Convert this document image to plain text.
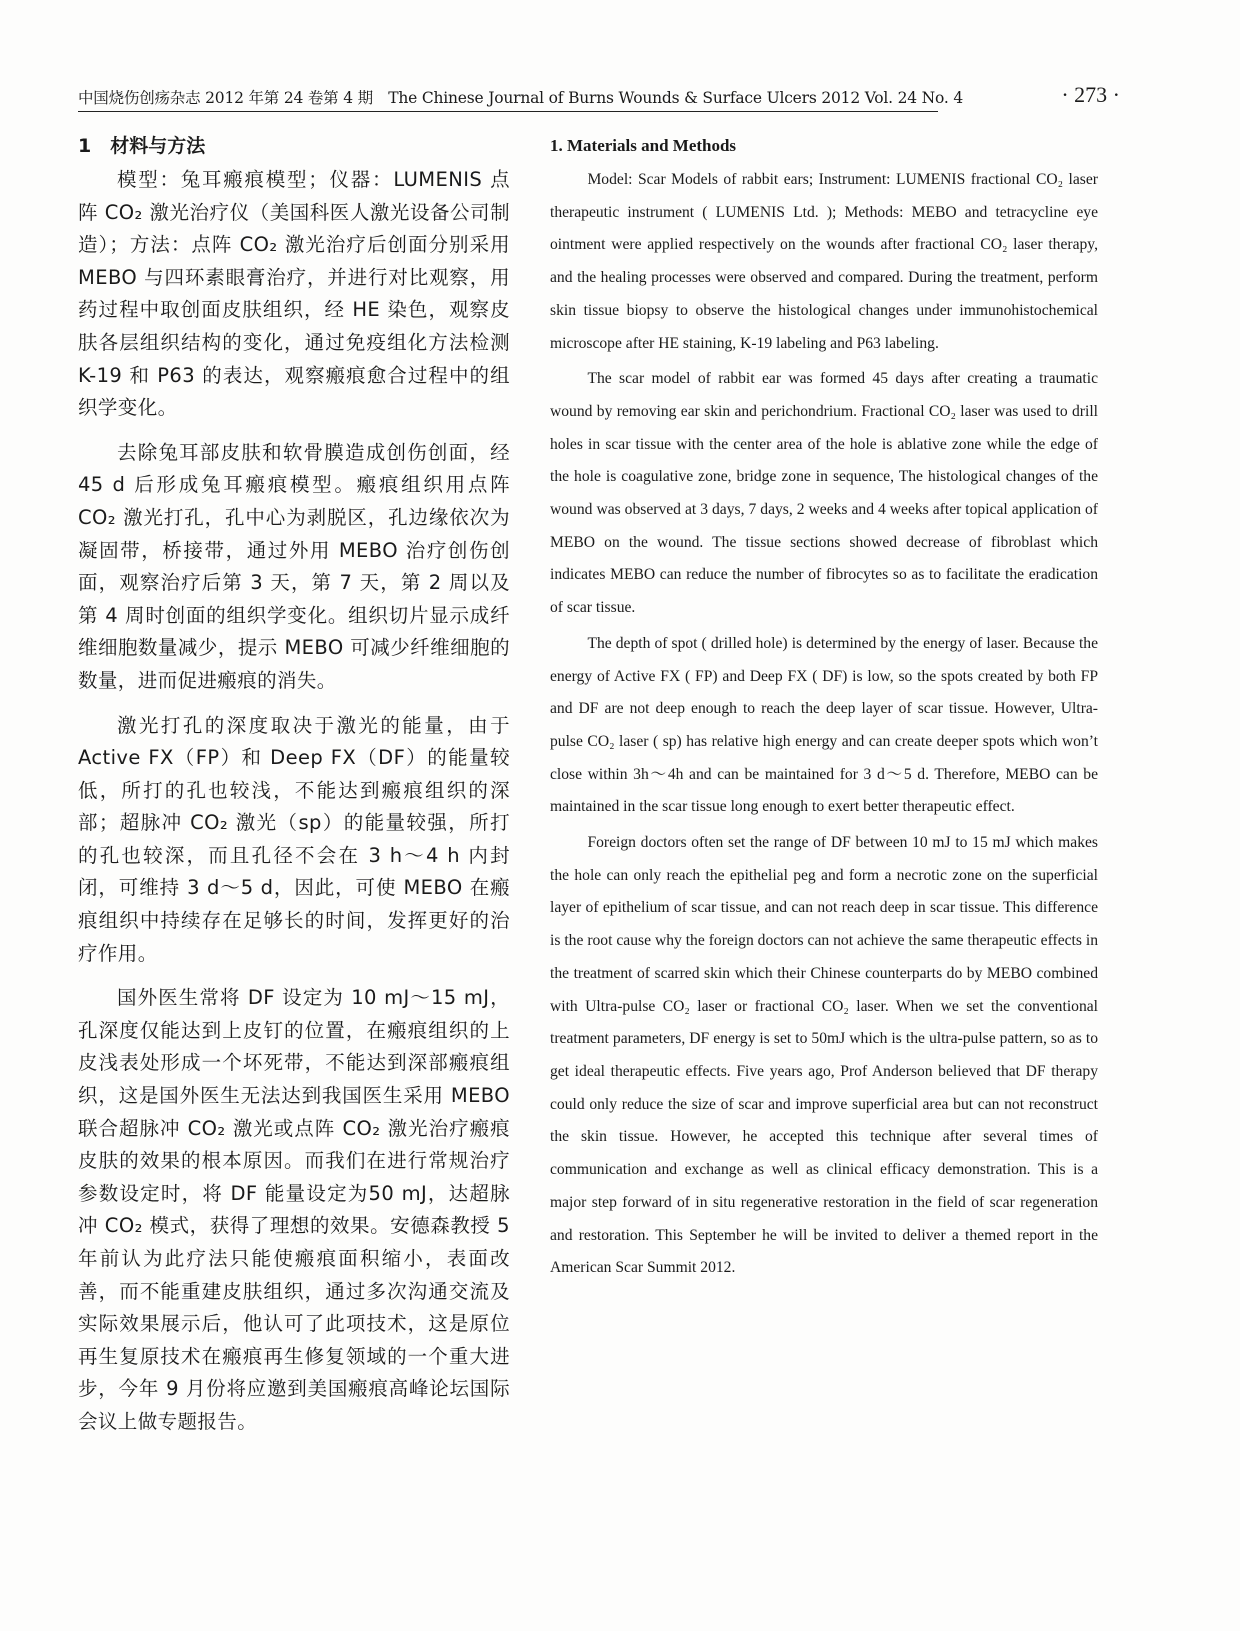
中国烧伤创疡杂志 2012 年第 24 卷第 4 期　The Chinese Journal of Burns Wounds & Surface Ulcers 2012 Vol. 24 No. 4	· 273 ·
1　材料与方法

模型：兔耳瘢痕模型；仪器：LUMENIS 点阵 CO₂ 激光治疗仪（美国科医人激光设备公司制造）；方法：点阵 CO₂ 激光治疗后创面分别采用 MEBO 与四环素眼膏治疗，并进行对比观察，用药过程中取创面皮肤组织，经 HE 染色，观察皮肤各层组织结构的变化，通过免疫组化方法检测 K-19 和 P63 的表达，观察瘢痕愈合过程中的组织学变化。

去除兔耳部皮肤和软骨膜造成创伤创面，经 45 d 后形成兔耳瘢痕模型。瘢痕组织用点阵 CO₂ 激光打孔，孔中心为剥脱区，孔边缘依次为凝固带，桥接带，通过外用 MEBO 治疗创伤创面，观察治疗后第 3 天，第 7 天，第 2 周以及第 4 周时创面的组织学变化。组织切片显示成纤维细胞数量减少，提示 MEBO 可减少纤维细胞的数量，进而促进瘢痕的消失。

激光打孔的深度取决于激光的能量，由于 Active FX（FP）和 Deep FX（DF）的能量较低，所打的孔也较浅，不能达到瘢痕组织的深部；超脉冲 CO₂ 激光（sp）的能量较强，所打的孔也较深，而且孔径不会在 3 h～4 h 内封闭，可维持 3 d～5 d，因此，可使 MEBO 在瘢痕组织中持续存在足够长的时间，发挥更好的治疗作用。

国外医生常将 DF 设定为 10 mJ～15 mJ，孔深度仅能达到上皮钉的位置，在瘢痕组织的上皮浅表处形成一个坏死带，不能达到深部瘢痕组织，这是国外医生无法达到我国医生采用 MEBO 联合超脉冲 CO₂ 激光或点阵 CO₂ 激光治疗瘢痕皮肤的效果的根本原因。而我们在进行常规治疗参数设定时，将 DF 能量设定为50 mJ，达超脉冲 CO₂ 模式，获得了理想的效果。安德森教授 5 年前认为此疗法只能使瘢痕面积缩小，表面改善，而不能重建皮肤组织，通过多次沟通交流及实际效果展示后，他认可了此项技术，这是原位再生复原技术在瘢痕再生修复领域的一个重大进步，今年 9 月份将应邀到美国瘢痕高峰论坛国际会议上做专题报告。

1. Materials and Methods

Model: Scar Models of rabbit ears; Instrument: LUMENIS fractional CO₂ laser therapeutic instrument ( LUMENIS Ltd. ); Methods: MEBO and tetracycline eye ointment were applied respectively on the wounds after fractional CO₂ laser therapy, and the healing processes were observed and compared. During the treatment, perform skin tissue biopsy to observe the histological changes under immunohistochemical microscope after HE staining, K-19 labeling and P63 labeling.

The scar model of rabbit ear was formed 45 days after creating a traumatic wound by removing ear skin and perichondrium. Fractional CO₂ laser was used to drill holes in scar tissue with the center area of the hole is ablative zone while the edge of the hole is coagulative zone, bridge zone in sequence, The histological changes of the wound was observed at 3 days, 7 days, 2 weeks and 4 weeks after topical application of MEBO on the wound. The tissue sections showed decrease of fibroblast which indicates MEBO can reduce the number of fibrocytes so as to facilitate the eradication of scar tissue.

The depth of spot ( drilled hole) is determined by the energy of laser. Because the energy of Active FX ( FP) and Deep FX ( DF) is low, so the spots created by both FP and DF are not deep enough to reach the deep layer of scar tissue. However, Ultra-pulse CO₂ laser ( sp) has relative high energy and can create deeper spots which won’t close within 3h～4h and can be maintained for 3 d～5 d. Therefore, MEBO can be maintained in the scar tissue long enough to exert better therapeutic effect.

Foreign doctors often set the range of DF between 10 mJ to 15 mJ which makes the hole can only reach the epithelial peg and form a necrotic zone on the superficial layer of epithelium of scar tissue, and can not reach deep in scar tissue. This difference is the root cause why the foreign doctors can not achieve the same therapeutic effects in the treatment of scarred skin which their Chinese counterparts do by MEBO combined with Ultra-pulse CO₂ laser or fractional CO₂ laser. When we set the conventional treatment parameters, DF energy is set to 50mJ which is the ultra-pulse pattern, so as to get ideal therapeutic effects. Five years ago, Prof Anderson believed that DF therapy could only reduce the size of scar and improve superficial area but can not reconstruct the skin tissue. However, he accepted this technique after several times of communication and exchange as well as clinical efficacy demonstration. This is a major step forward of in situ regenerative restoration in the field of scar regeneration and restoration. This September he will be invited to deliver a themed report in the American Scar Summit 2012.
